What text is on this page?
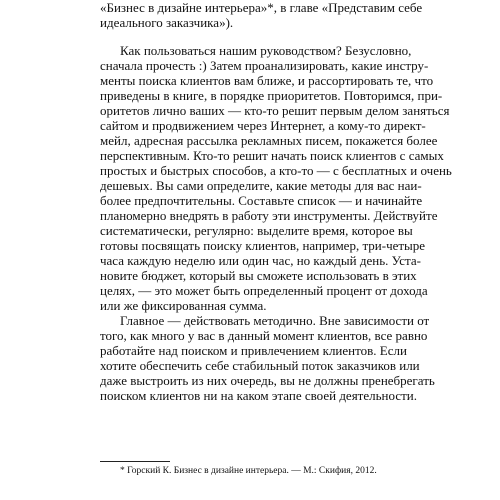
«Бизнес в дизайне интерьера»*, в главе «Представим себе
идеального заказчика»).
Как пользоваться нашим руководством? Безусловно,
сначала прочесть :) Затем проанализировать, какие инстру-
менты поиска клиентов вам ближе, и рассортировать те, что
приведены в книге, в порядке приоритетов. Повторимся, при-
оритетов лично ваших — кто-то решит первым делом заняться
сайтом и продвижением через Интернет, а кому-то директ-
мейл, адресная рассылка рекламных писем, покажется более
перспективным. Кто-то решит начать поиск клиентов с самых
простых и быстрых способов, а кто-то — с бесплатных и очень
дешевых. Вы сами определите, какие методы для вас наи-
более предпочтительны. Составьте список — и начинайте
планомерно внедрять в работу эти инструменты. Действуйте
систематически, регулярно: выделите время, которое вы
готовы посвящать поиску клиентов, например, три-четыре
часа каждую неделю или один час, но каждый день. Уста-
новите бюджет, который вы сможете использовать в этих
целях, — это может быть определенный процент от дохода
или же фиксированная сумма.
Главное — действовать методично. Вне зависимости от
того, как много у вас в данный момент клиентов, все равно
работайте над поиском и привлечением клиентов. Если
хотите обеспечить себе стабильный поток заказчиков или
даже выстроить из них очередь, вы не должны пренебрегать
поиском клиентов ни на каком этапе своей деятельности.
* Горский К. Бизнес в дизайне интерьера. — М.: Скифия, 2012.
